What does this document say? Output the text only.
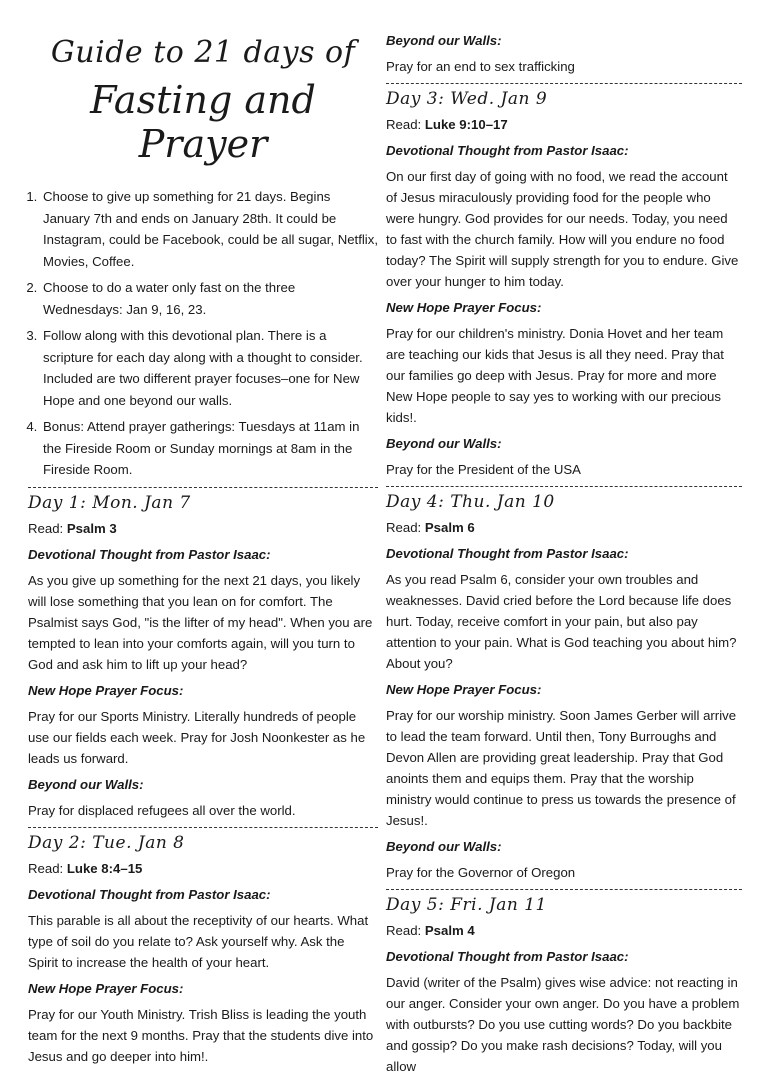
Guide to 21 days of
Fasting and Prayer
1. Choose to give up something for 21 days. Begins January 7th and ends on January 28th. It could be Instagram, could be Facebook, could be all sugar, Netflix, Movies, Coffee.
2. Choose to do a water only fast on the three Wednesdays: Jan 9, 16, 23.
3. Follow along with this devotional plan. There is a scripture for each day along with a thought to consider. Included are two different prayer focuses–one for New Hope and one beyond our walls.
4. Bonus: Attend prayer gatherings: Tuesdays at 11am in the Fireside Room or Sunday mornings at 8am in the Fireside Room.
Day 1: Mon. Jan 7
Read: Psalm 3
Devotional Thought from Pastor Isaac:
As you give up something for the next 21 days, you likely will lose something that you lean on for comfort. The Psalmist says God, "is the lifter of my head". When you are tempted to lean into your comforts again, will you turn to God and ask him to lift up your head?
New Hope Prayer Focus:
Pray for our Sports Ministry. Literally hundreds of people use our fields each week. Pray for Josh Noonkester as he leads us forward.
Beyond our Walls:
Pray for displaced refugees all over the world.
Day 2: Tue. Jan 8
Read: Luke 8:4–15
Devotional Thought from Pastor Isaac:
This parable is all about the receptivity of our hearts. What type of soil do you relate to? Ask yourself why. Ask the Spirit to increase the health of your heart.
New Hope Prayer Focus:
Pray for our Youth Ministry. Trish Bliss is leading the youth team for the next 9 months. Pray that the students dive into Jesus and go deeper into him!.
Beyond our Walls:
Pray for an end to sex trafficking
Day 3: Wed. Jan 9
Read: Luke 9:10–17
Devotional Thought from Pastor Isaac:
On our first day of going with no food, we read the account of Jesus miraculously providing food for the people who were hungry. God provides for our needs. Today, you need to fast with the church family. How will you endure no food today? The Spirit will supply strength for you to endure. Give over your hunger to him today.
New Hope Prayer Focus:
Pray for our children's ministry. Donia Hovet and her team are teaching our kids that Jesus is all they need. Pray that our families go deep with Jesus. Pray for more and more New Hope people to say yes to working with our precious kids!.
Beyond our Walls:
Pray for the President of the USA
Day 4: Thu. Jan 10
Read: Psalm 6
Devotional Thought from Pastor Isaac:
As you read Psalm 6, consider your own troubles and weaknesses. David cried before the Lord because life does hurt. Today, receive comfort in your pain, but also pay attention to your pain. What is God teaching you about him? About you?
New Hope Prayer Focus:
Pray for our worship ministry. Soon James Gerber will arrive to lead the team forward. Until then, Tony Burroughs and Devon Allen are providing great leadership. Pray that God anoints them and equips them. Pray that the worship ministry would continue to press us towards the presence of Jesus!.
Beyond our Walls:
Pray for the Governor of Oregon
Day 5: Fri. Jan 11
Read: Psalm 4
Devotional Thought from Pastor Isaac:
David (writer of the Psalm) gives wise advice: not reacting in our anger. Consider your own anger. Do you have a problem with outbursts? Do you use cutting words? Do you backbite and gossip? Do you make rash decisions? Today, will you allow
